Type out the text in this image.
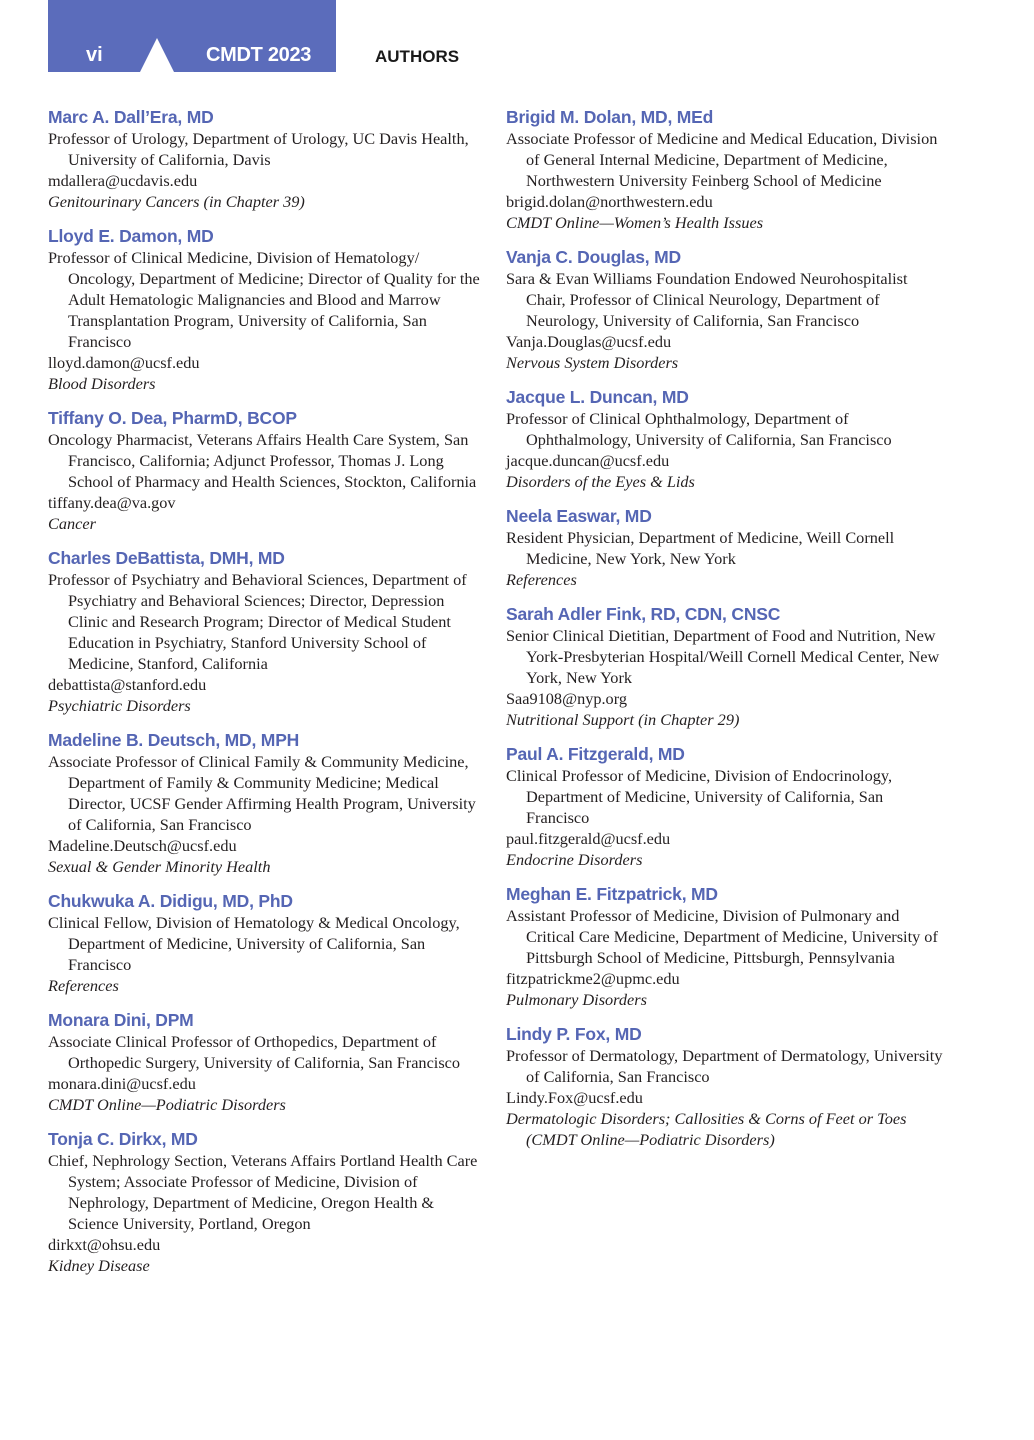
vi	CMDT 2023	AUTHORS
Marc A. Dall’Era, MD
Professor of Urology, Department of Urology, UC Davis Health, University of California, Davis
mdallera@ucdavis.edu
Genitourinary Cancers (in Chapter 39)
Lloyd E. Damon, MD
Professor of Clinical Medicine, Division of Hematology/ Oncology, Department of Medicine; Director of Quality for the Adult Hematologic Malignancies and Blood and Marrow Transplantation Program, University of California, San Francisco
lloyd.damon@ucsf.edu
Blood Disorders
Tiffany O. Dea, PharmD, BCOP
Oncology Pharmacist, Veterans Affairs Health Care System, San Francisco, California; Adjunct Professor, Thomas J. Long School of Pharmacy and Health Sciences, Stockton, California
tiffany.dea@va.gov
Cancer
Charles DeBattista, DMH, MD
Professor of Psychiatry and Behavioral Sciences, Department of Psychiatry and Behavioral Sciences; Director, Depression Clinic and Research Program; Director of Medical Student Education in Psychiatry, Stanford University School of Medicine, Stanford, California
debattista@stanford.edu
Psychiatric Disorders
Madeline B. Deutsch, MD, MPH
Associate Professor of Clinical Family & Community Medicine, Department of Family & Community Medicine; Medical Director, UCSF Gender Affirming Health Program, University of California, San Francisco
Madeline.Deutsch@ucsf.edu
Sexual & Gender Minority Health
Chukwuka A. Didigu, MD, PhD
Clinical Fellow, Division of Hematology & Medical Oncology, Department of Medicine, University of California, San Francisco
References
Monara Dini, DPM
Associate Clinical Professor of Orthopedics, Department of Orthopedic Surgery, University of California, San Francisco
monara.dini@ucsf.edu
CMDT Online—Podiatric Disorders
Tonja C. Dirkx, MD
Chief, Nephrology Section, Veterans Affairs Portland Health Care System; Associate Professor of Medicine, Division of Nephrology, Department of Medicine, Oregon Health & Science University, Portland, Oregon
dirkxt@ohsu.edu
Kidney Disease
Brigid M. Dolan, MD, MEd
Associate Professor of Medicine and Medical Education, Division of General Internal Medicine, Department of Medicine, Northwestern University Feinberg School of Medicine
brigid.dolan@northwestern.edu
CMDT Online—Women’s Health Issues
Vanja C. Douglas, MD
Sara & Evan Williams Foundation Endowed Neurohospitalist Chair, Professor of Clinical Neurology, Department of Neurology, University of California, San Francisco
Vanja.Douglas@ucsf.edu
Nervous System Disorders
Jacque L. Duncan, MD
Professor of Clinical Ophthalmology, Department of Ophthalmology, University of California, San Francisco
jacque.duncan@ucsf.edu
Disorders of the Eyes & Lids
Neela Easwar, MD
Resident Physician, Department of Medicine, Weill Cornell Medicine, New York, New York
References
Sarah Adler Fink, RD, CDN, CNSC
Senior Clinical Dietitian, Department of Food and Nutrition, New York-Presbyterian Hospital/Weill Cornell Medical Center, New York, New York
Saa9108@nyp.org
Nutritional Support (in Chapter 29)
Paul A. Fitzgerald, MD
Clinical Professor of Medicine, Division of Endocrinology, Department of Medicine, University of California, San Francisco
paul.fitzgerald@ucsf.edu
Endocrine Disorders
Meghan E. Fitzpatrick, MD
Assistant Professor of Medicine, Division of Pulmonary and Critical Care Medicine, Department of Medicine, University of Pittsburgh School of Medicine, Pittsburgh, Pennsylvania
fitzpatrickme2@upmc.edu
Pulmonary Disorders
Lindy P. Fox, MD
Professor of Dermatology, Department of Dermatology, University of California, San Francisco
Lindy.Fox@ucsf.edu
Dermatologic Disorders; Callosities & Corns of Feet or Toes (CMDT Online—Podiatric Disorders)
